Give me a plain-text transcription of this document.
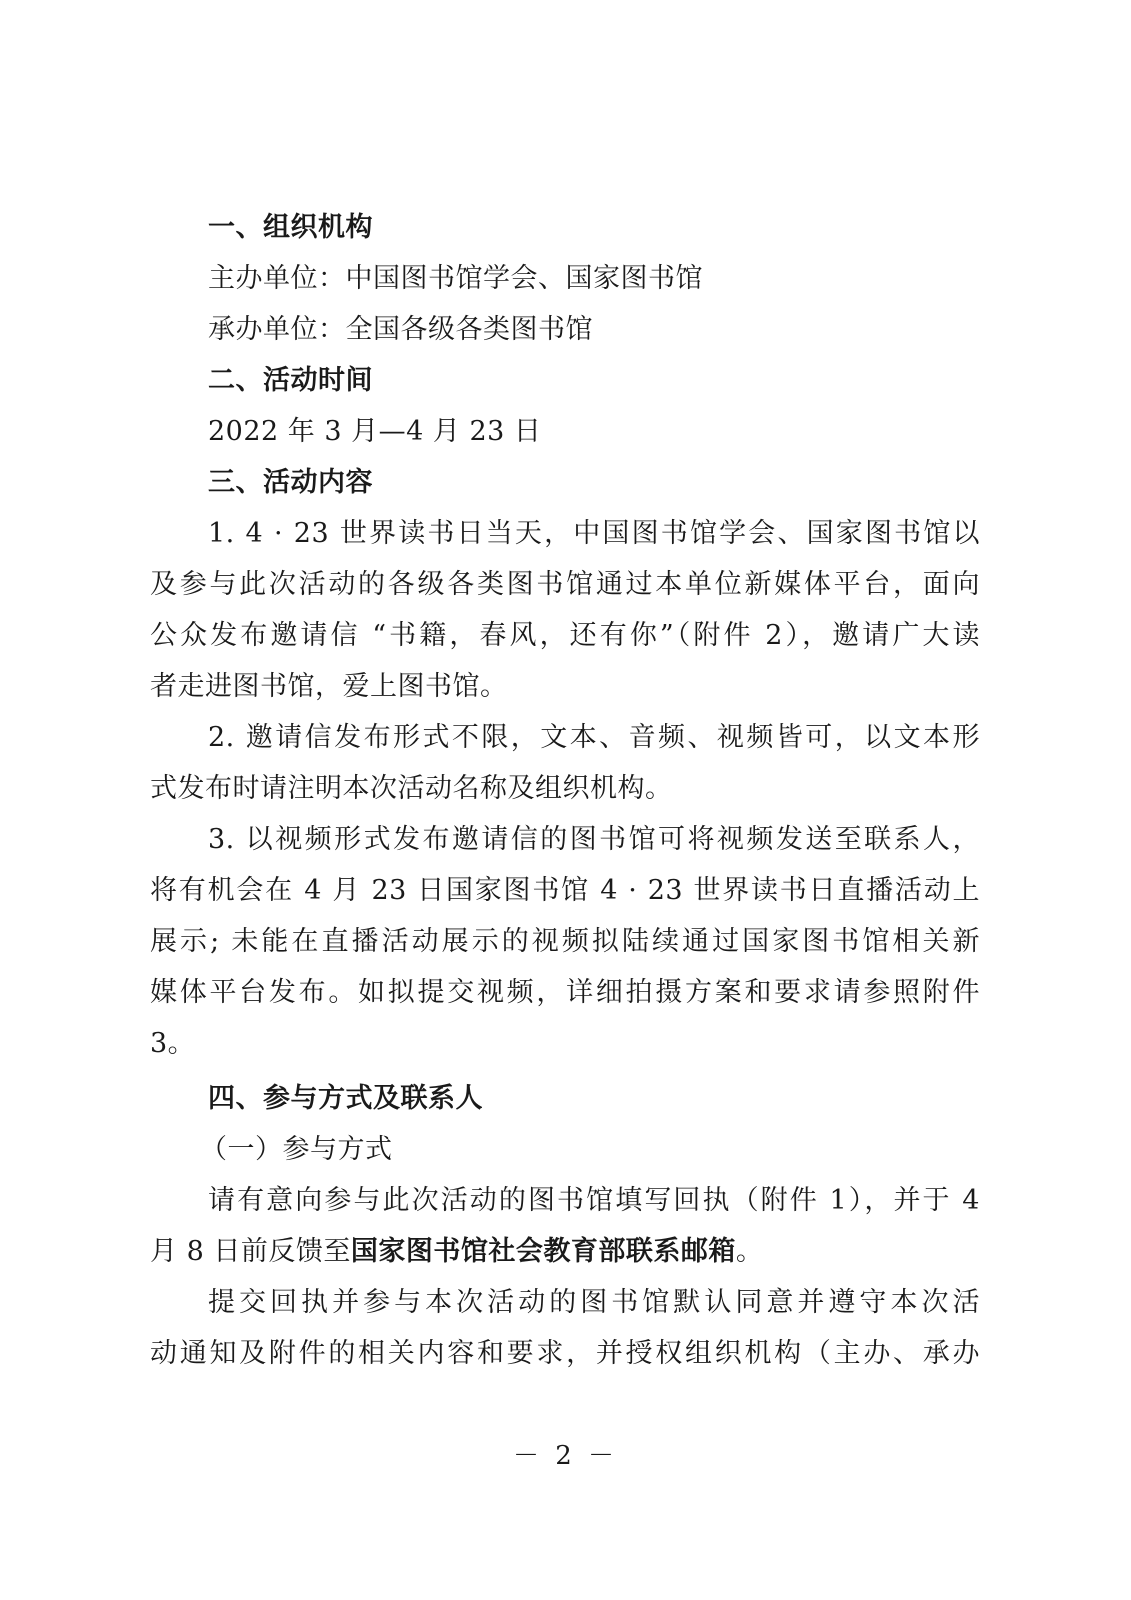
一、组织机构
主办单位：中国图书馆学会、国家图书馆
承办单位：全国各级各类图书馆
二、活动时间
2022 年 3 月—4 月 23 日
三、活动内容
1. 4 · 23 世界读书日当天，中国图书馆学会、国家图书馆以
及参与此次活动的各级各类图书馆通过本单位新媒体平台，面向
公众发布邀请信 “书籍，春风，还有你”（附件 2），邀请广大读
者走进图书馆，爱上图书馆。
2. 邀请信发布形式不限，文本、音频、视频皆可，以文本形
式发布时请注明本次活动名称及组织机构。
3. 以视频形式发布邀请信的图书馆可将视频发送至联系人，
将有机会在 4 月 23 日国家图书馆 4 · 23 世界读书日直播活动上
展示; 未能在直播活动展示的视频拟陆续通过国家图书馆相关新
媒体平台发布。如拟提交视频，详细拍摄方案和要求请参照附件
3。
四、参与方式及联系人
（一）参与方式
请有意向参与此次活动的图书馆填写回执（附件 1），并于 4
月 8 日前反馈至国家图书馆社会教育部联系邮箱。
提交回执并参与本次活动的图书馆默认同意并遵守本次活
动通知及附件的相关内容和要求，并授权组织机构（主办、承办
－ 2 －
